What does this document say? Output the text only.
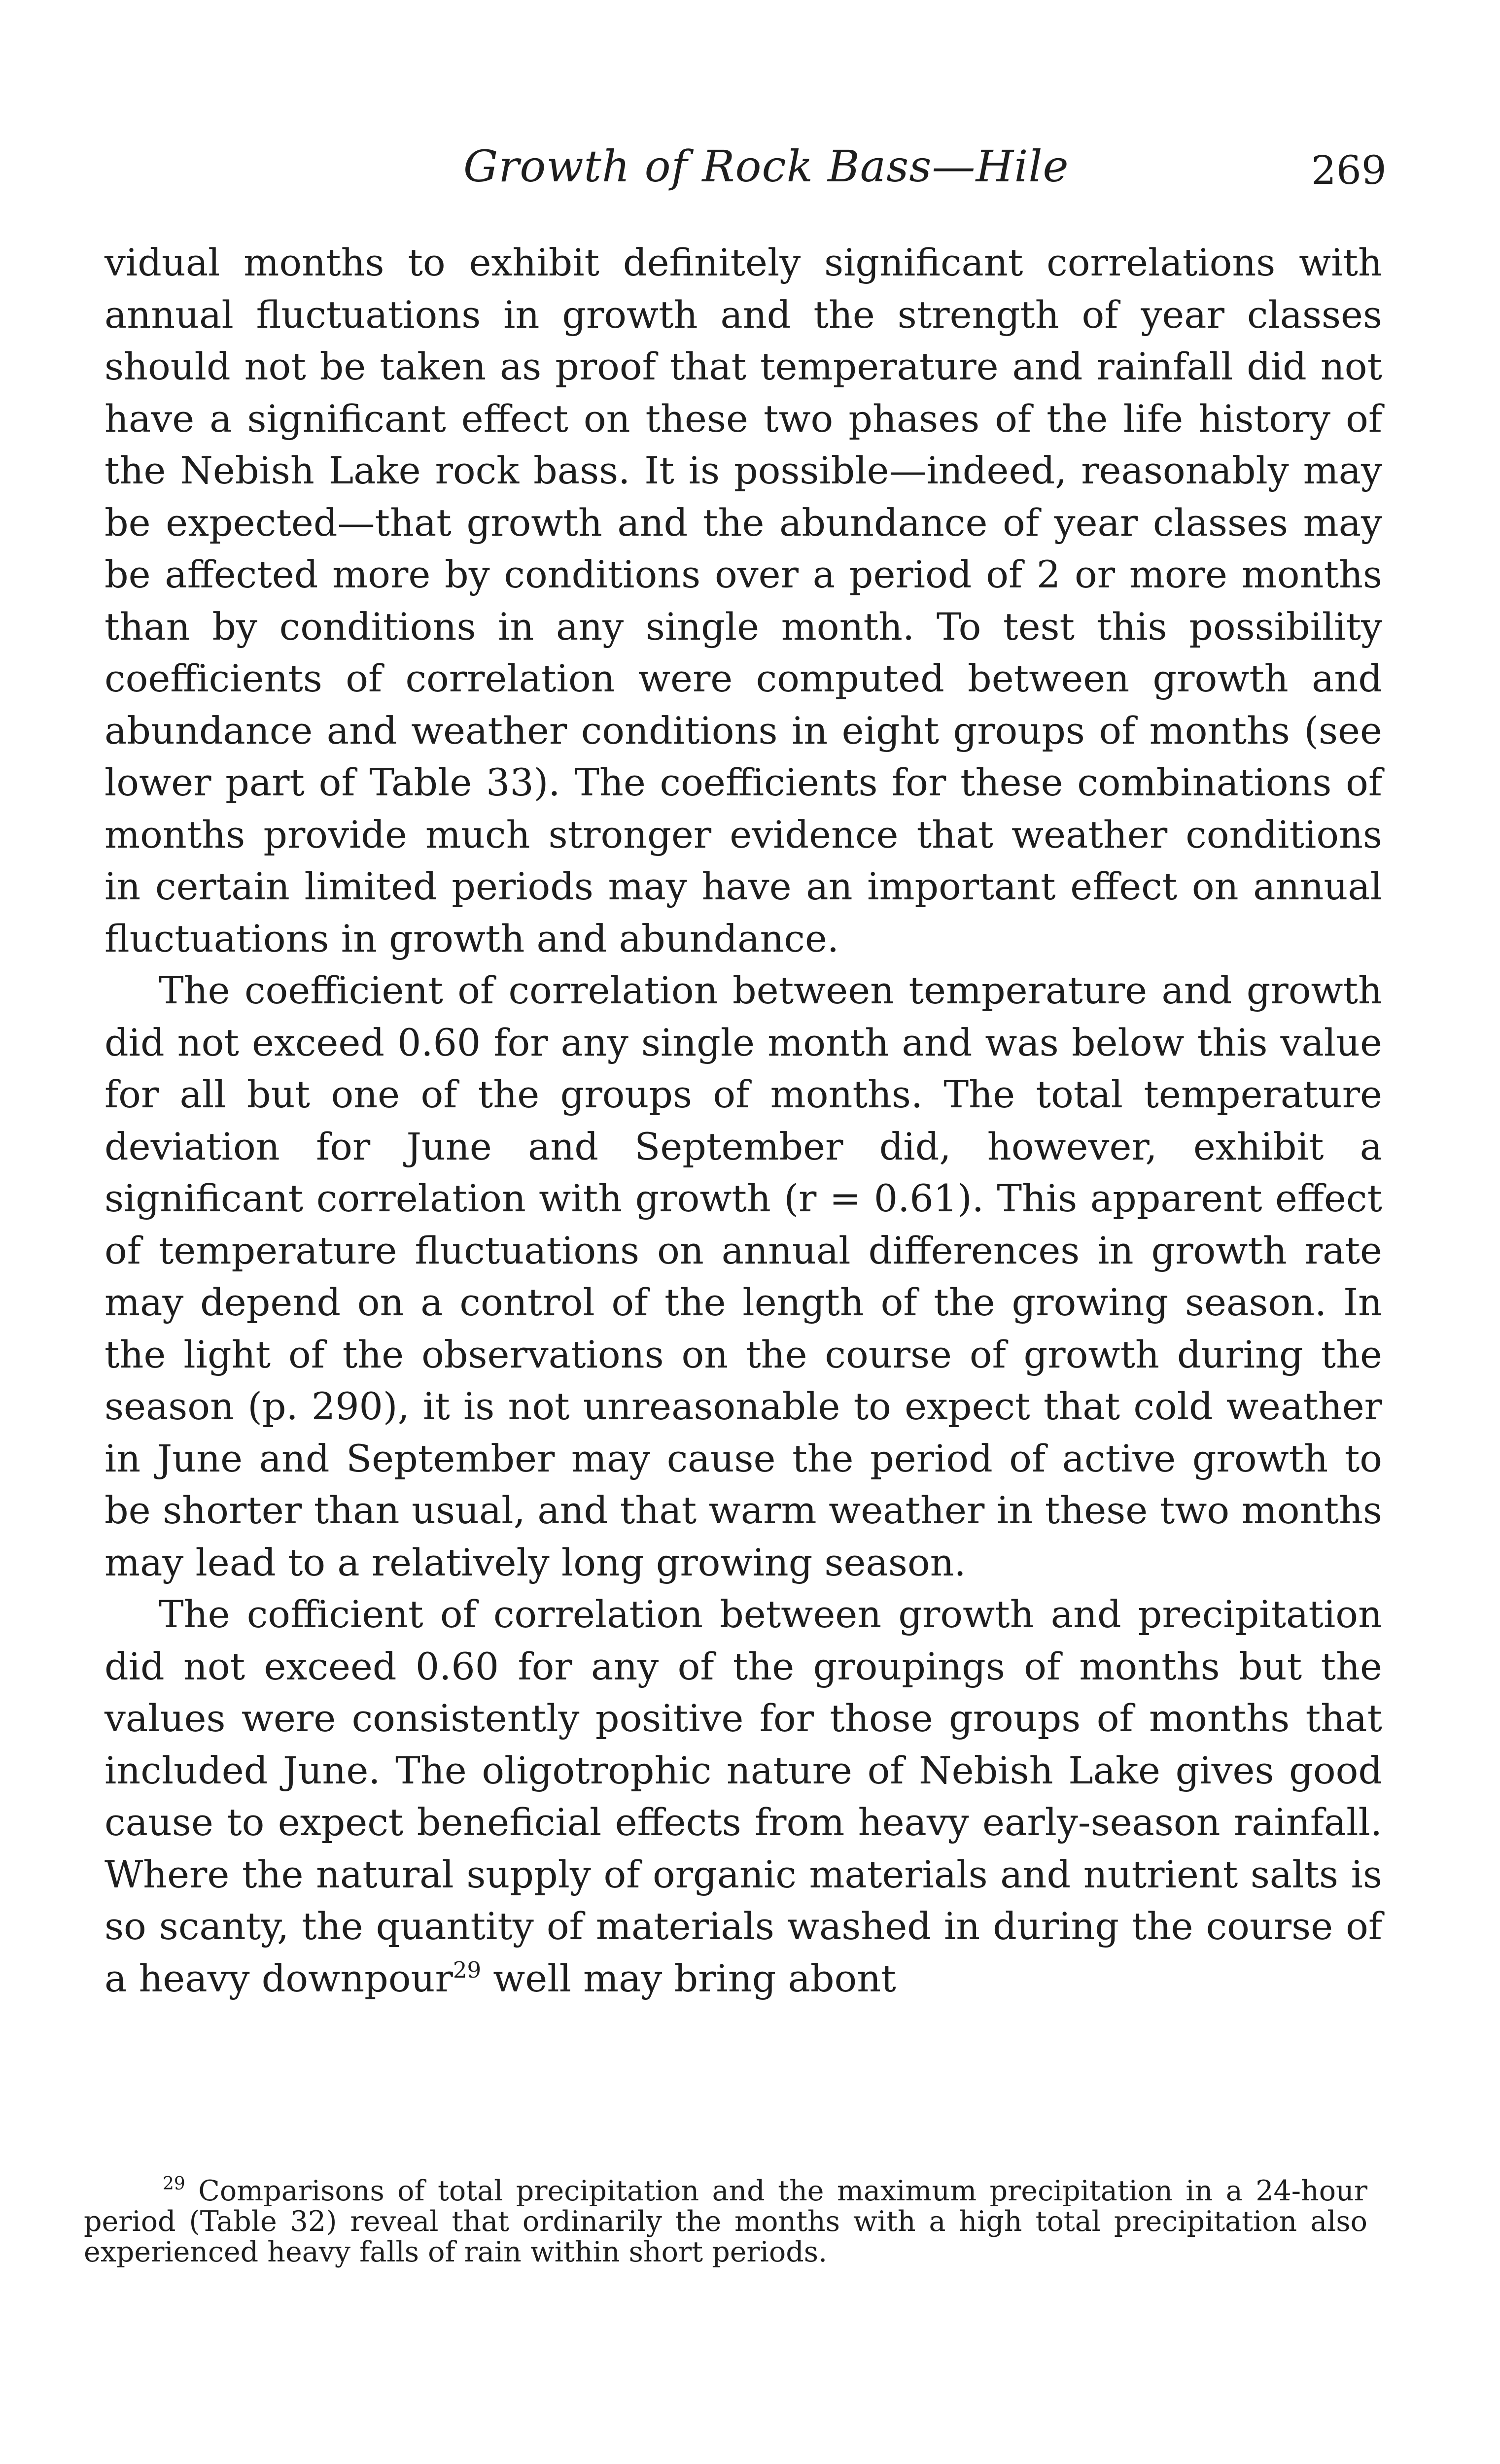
Growth of Rock Bass—Hile	269

vidual months to exhibit definitely significant correlations with annual fluctuations in growth and the strength of year classes should not be taken as proof that temperature and rainfall did not have a significant effect on these two phases of the life history of the Nebish Lake rock bass. It is possible—indeed, reasonably may be expected—that growth and the abundance of year classes may be affected more by conditions over a period of 2 or more months than by conditions in any single month. To test this possibility coefficients of correlation were computed between growth and abundance and weather conditions in eight groups of months (see lower part of Table 33). The coefficients for these combinations of months provide much stronger evidence that weather conditions in certain limited periods may have an important effect on annual fluctuations in growth and abundance.

The coefficient of correlation between temperature and growth did not exceed 0.60 for any single month and was below this value for all but one of the groups of months. The total temperature deviation for June and September did, however, exhibit a significant correlation with growth (r = 0.61). This apparent effect of temperature fluctuations on annual differences in growth rate may depend on a control of the length of the growing season. In the light of the observations on the course of growth during the season (p. 290), it is not unreasonable to expect that cold weather in June and September may cause the period of active growth to be shorter than usual, and that warm weather in these two months may lead to a relatively long growing season.

The cofficient of correlation between growth and precipitation did not exceed 0.60 for any of the groupings of months but the values were consistently positive for those groups of months that included June. The oligotrophic nature of Nebish Lake gives good cause to expect beneficial effects from heavy early-season rainfall. Where the natural supply of organic materials and nutrient salts is so scanty, the quantity of materials washed in during the course of a heavy downpour$^{29}$ well may bring abont

$^{29}$ Comparisons of total precipitation and the maximum precipitation in a 24-hour period (Table 32) reveal that ordinarily the months with a high total precipitation also experienced heavy falls of rain within short periods.
